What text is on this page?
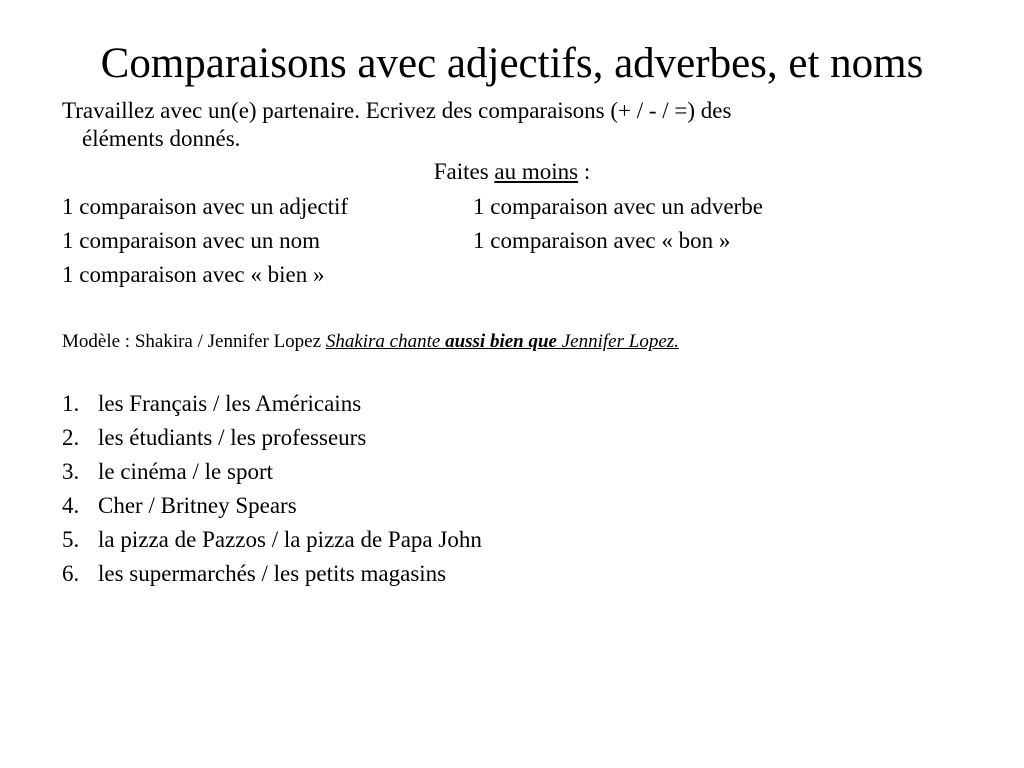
Comparaisons avec adjectifs, adverbes, et noms
Travaillez avec un(e) partenaire. Ecrivez des comparaisons (+ / - / =) des
éléments donnés.
Faites au moins :
1 comparaison avec un adjectif	1 comparaison avec un adverbe
1 comparaison avec un nom	1 comparaison avec « bon »
1 comparaison avec « bien »
Modèle : Shakira / Jennifer Lopez Shakira chante aussi bien que Jennifer Lopez.
1. les Français / les Américains
2. les étudiants / les professeurs
3. le cinéma / le sport
4. Cher / Britney Spears
5. la pizza de Pazzos / la pizza de Papa John
6. les supermarchés / les petits magasins
